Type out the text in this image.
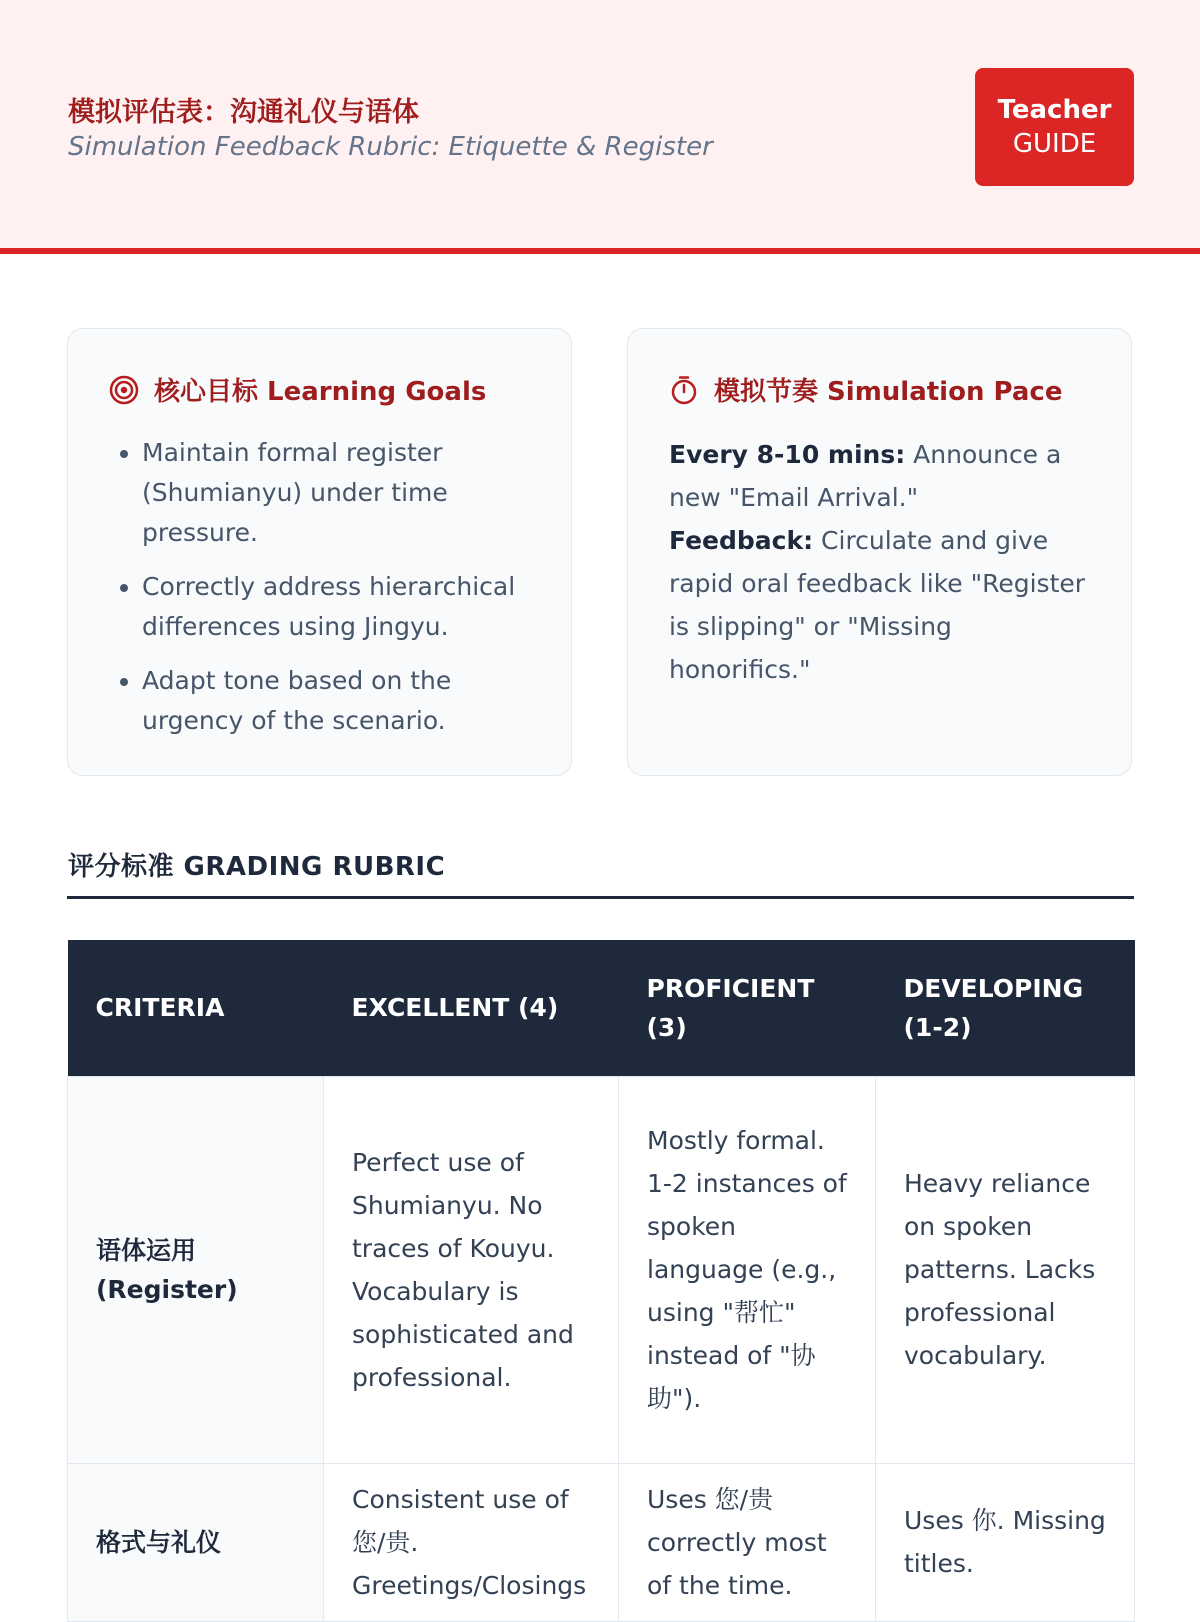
模拟评估表：沟通礼仪与语体
Simulation Feedback Rubric: Etiquette & Register
Teacher
GUIDE
核心目标 Learning Goals
• Maintain formal register (Shumianyu) under time pressure.
• Correctly address hierarchical differences using Jingyu.
• Adapt tone based on the urgency of the scenario.
模拟节奏 Simulation Pace
Every 8-10 mins: Announce a new "Email Arrival."
Feedback: Circulate and give rapid oral feedback like "Register is slipping" or "Missing honorifics."
评分标准 GRADING RUBRIC
CRITERIA	EXCELLENT (4)	PROFICIENT (3)	DEVELOPING (1-2)
语体运用 (Register)	Perfect use of Shumianyu. No traces of Kouyu. Vocabulary is sophisticated and professional.	Mostly formal. 1-2 instances of spoken language (e.g., using "帮忙" instead of "协助").	Heavy reliance on spoken patterns. Lacks professional vocabulary.
格式与礼仪	Consistent use of 您/贵. Greetings/Closings	Uses 您/贵 correctly most of the time.	Uses 你. Missing titles.
